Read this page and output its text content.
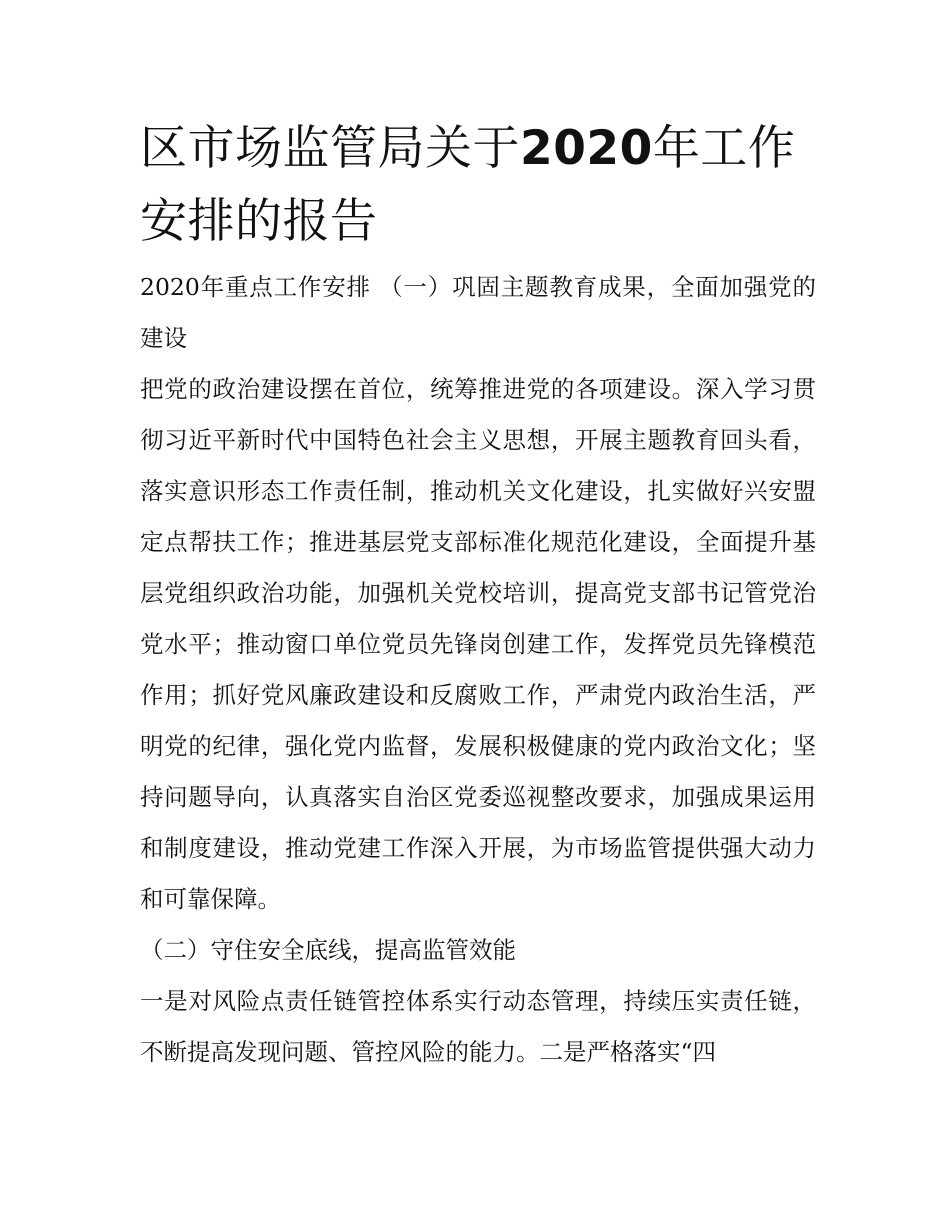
区市场监管局关于2020年工作安排的报告

2020年重点工作安排 （一）巩固主题教育成果，全面加强党的建设

把党的政治建设摆在首位，统筹推进党的各项建设。深入学习贯彻习近平新时代中国特色社会主义思想，开展主题教育回头看，落实意识形态工作责任制，推动机关文化建设，扎实做好兴安盟定点帮扶工作；推进基层党支部标准化规范化建设，全面提升基层党组织政治功能，加强机关党校培训，提高党支部书记管党治党水平；推动窗口单位党员先锋岗创建工作，发挥党员先锋模范作用；抓好党风廉政建设和反腐败工作，严肃党内政治生活，严明党的纪律，强化党内监督，发展积极健康的党内政治文化；坚持问题导向，认真落实自治区党委巡视整改要求，加强成果运用和制度建设，推动党建工作深入开展，为市场监管提供强大动力和可靠保障。

（二）守住安全底线，提高监管效能

一是对风险点责任链管控体系实行动态管理，持续压实责任链，不断提高发现问题、管控风险的能力。二是严格落实“四
